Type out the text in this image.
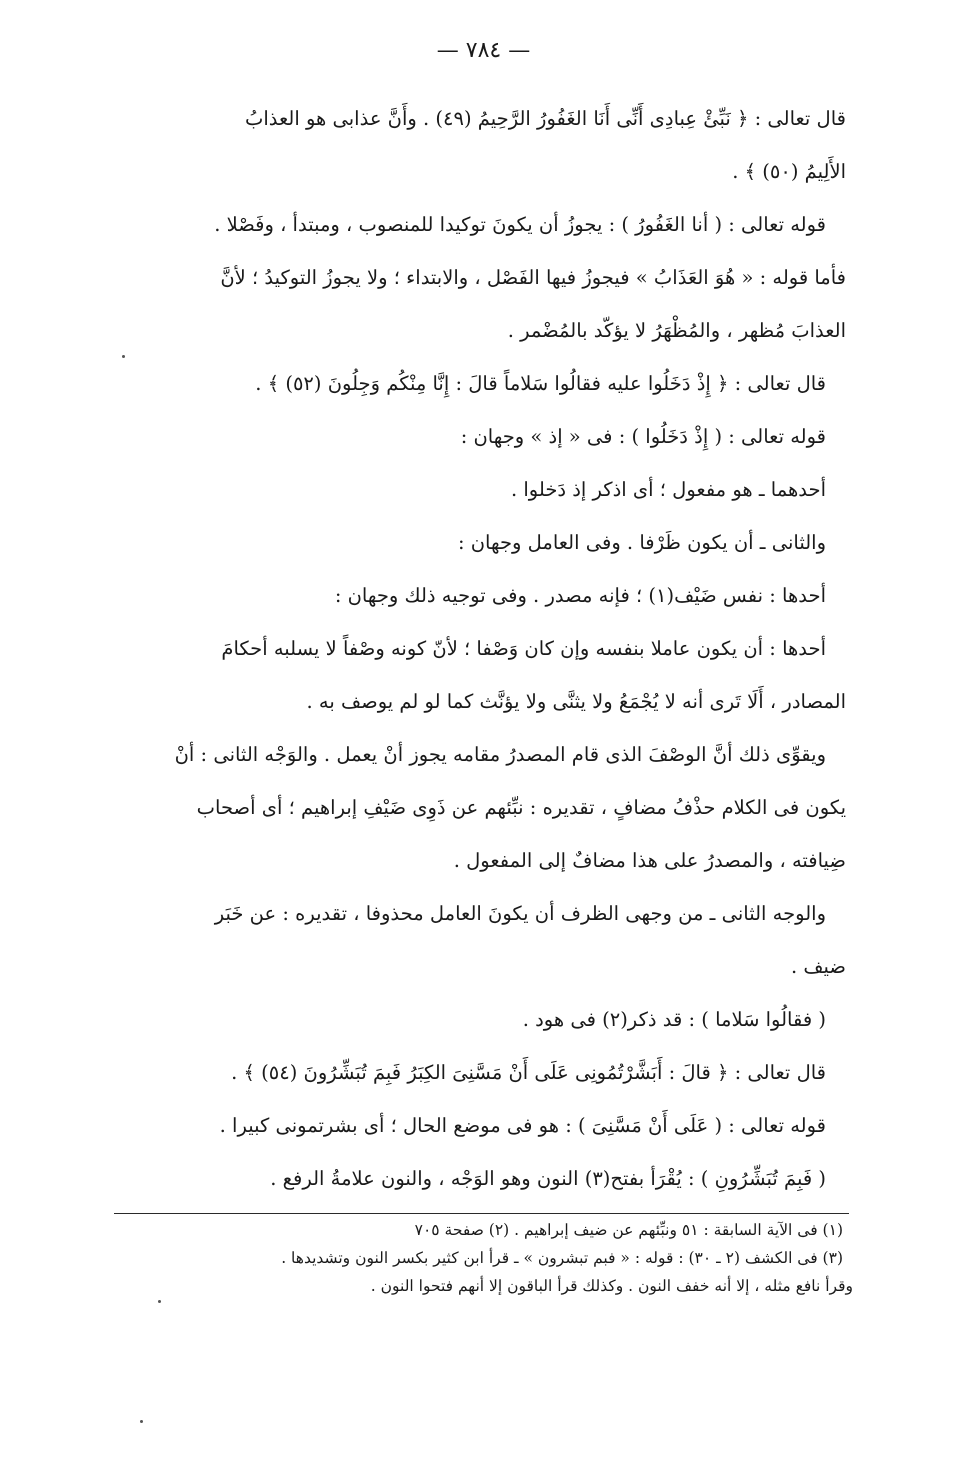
— ٧٨٤ —
قال تعالى : ﴿ نَبِّئْ عِبادِى أَنِّى أَنَا الغَفُورُ الرَّحِيمُ (٤٩) . وأَنَّ عذابى هو العذابُ
الأَلِيمُ (٥٠) ﴾ .
قوله تعالى : ( أنا الغَفُورُ ) : يجوزُ أن يكونَ توكيدا للمنصوب ، ومبتدأ ، وفَصْلا .
فأما قوله : « هُوَ العَذَابُ » فيجوزُ فيها الفَصْل ، والابتداء ؛ ولا يجوزُ التوكيدُ ؛ لأنَّ
العذابَ مُظهر ، والمُظْهَرُ لا يؤكّد بالمُضْمر .
قال تعالى : ﴿ إِذْ دَخَلُوا عليه فقالُوا سَلاماً قالَ : إِنَّا مِنْكُم وَجِلُونَ (٥٢) ﴾ .
قوله تعالى : ( إِذْ دَخَلُوا ) : فى « إذ » وجهان :
أحدهما ـ هو مفعول ؛ أى اذكر إذ دَخلوا .
والثانى ـ أن يكون ظَرْفا . وفى العامل وجهان :
أحدها : نفس ضَيْف(١) ؛ فإنه مصدر . وفى توجيه ذلك وجهان :
أحدها : أن يكون عاملا بنفسه وإن كان وَصْفا ؛ لأنّ كونه وصْفاً لا يسلبه أحكامَ
المصادر ، أَلَا تَرى أنه لا يُجْمَعُ ولا يثنَّى ولا يؤنَّث كما لو لم يوصف به .
ويقوِّى ذلك أنَّ الوصْفَ الذى قام المصدرُ مقامه يجوز أنْ يعمل . والوَجْه الثانى : أنْ
يكون فى الكلام حذْفُ مضافٍ ، تقديره : نبِّئهم عن ذَوِى ضَيْفِ إبراهيم ؛ أى أصحاب
ضِيافته ، والمصدرُ على هذا مضافٌ إلى المفعول .
والوجه الثانى ـ من وجهى الظرف أن يكونَ العامل محذوفا ، تقديره : عن خَبَر
ضيف .
( فقالُوا سَلاما ) : قد ذكر(٢) فى هود .
قال تعالى : ﴿ قالَ : أَبَشَّرْتُمُونِى عَلَى أَنْ مَسَّنِىَ الكِبَرُ فَبِمَ تُبَشِّرُونَ (٥٤) ﴾ .
قوله تعالى : ( عَلَى أَنْ مَسَّنِىَ ) : هو فى موضع الحال ؛ أى بشرتمونى كبيرا .
( فَبِمَ تُبَشِّرُونِ ) : يُقْرَأ بفتح(٣) النون وهو الوَجْه ، والنون علامةُ الرفع .
(١) فى الآية السابقة : ٥١ ونبِّئهم عن ضيف إبراهيم . (٢) صفحة ٧٠٥
(٣) فى الكشف (٢ ـ ٣٠) : قوله : « فبم تبشرون » ـ قرأ ابن كثير بكسر النون وتشديدها .
وقرأ نافع مثله ، إلا أنه خفف النون . وكذلك قرأ الباقون إلا أنهم فتحوا النون .
